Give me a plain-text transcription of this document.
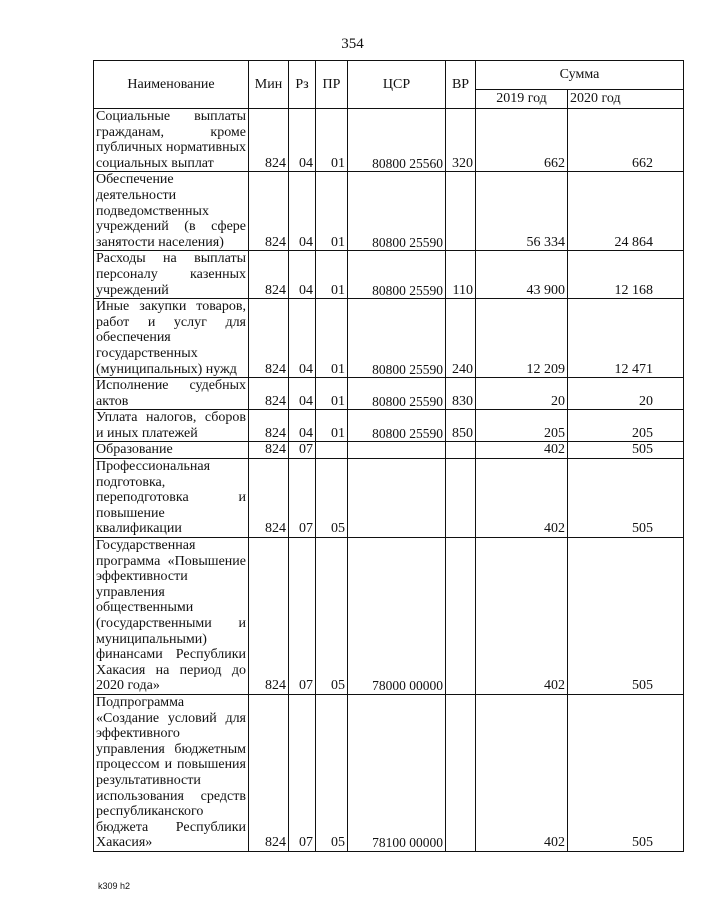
354
Наименование	Мин	Рз	ПР	ЦСР	ВР	Сумма	
						2019 год	2020 год
Социальные выплаты гражданам, кроме публичных нормативных социальных выплат	824	04	01	80800 25560	320	662	662
Обеспечение деятельности подведомственных учреждений (в сфере занятости населения)	824	04	01	80800 25590		56 334	24 864
Расходы на выплаты персоналу казенных учреждений	824	04	01	80800 25590	110	43 900	12 168
Иные закупки товаров, работ и услуг для обеспечения государственных (муниципальных) нужд	824	04	01	80800 25590	240	12 209	12 471
Исполнение судебных актов	824	04	01	80800 25590	830	20	20
Уплата налогов, сборов и иных платежей	824	04	01	80800 25590	850	205	205
Образование	824	07				402	505
Профессиональная подготовка, переподготовка и повышение квалификации	824	07	05			402	505
Государственная программа «Повышение эффективности управления общественными (государственными и муниципальными) финансами Республики Хакасия на период до 2020 года»	824	07	05	78000 00000		402	505
Подпрограмма «Создание условий для эффективного управления бюджетным процессом и повышения результативности использования средств республиканского бюджета Республики Хакасия»	824	07	05	78100 00000		402	505
k309 h2
